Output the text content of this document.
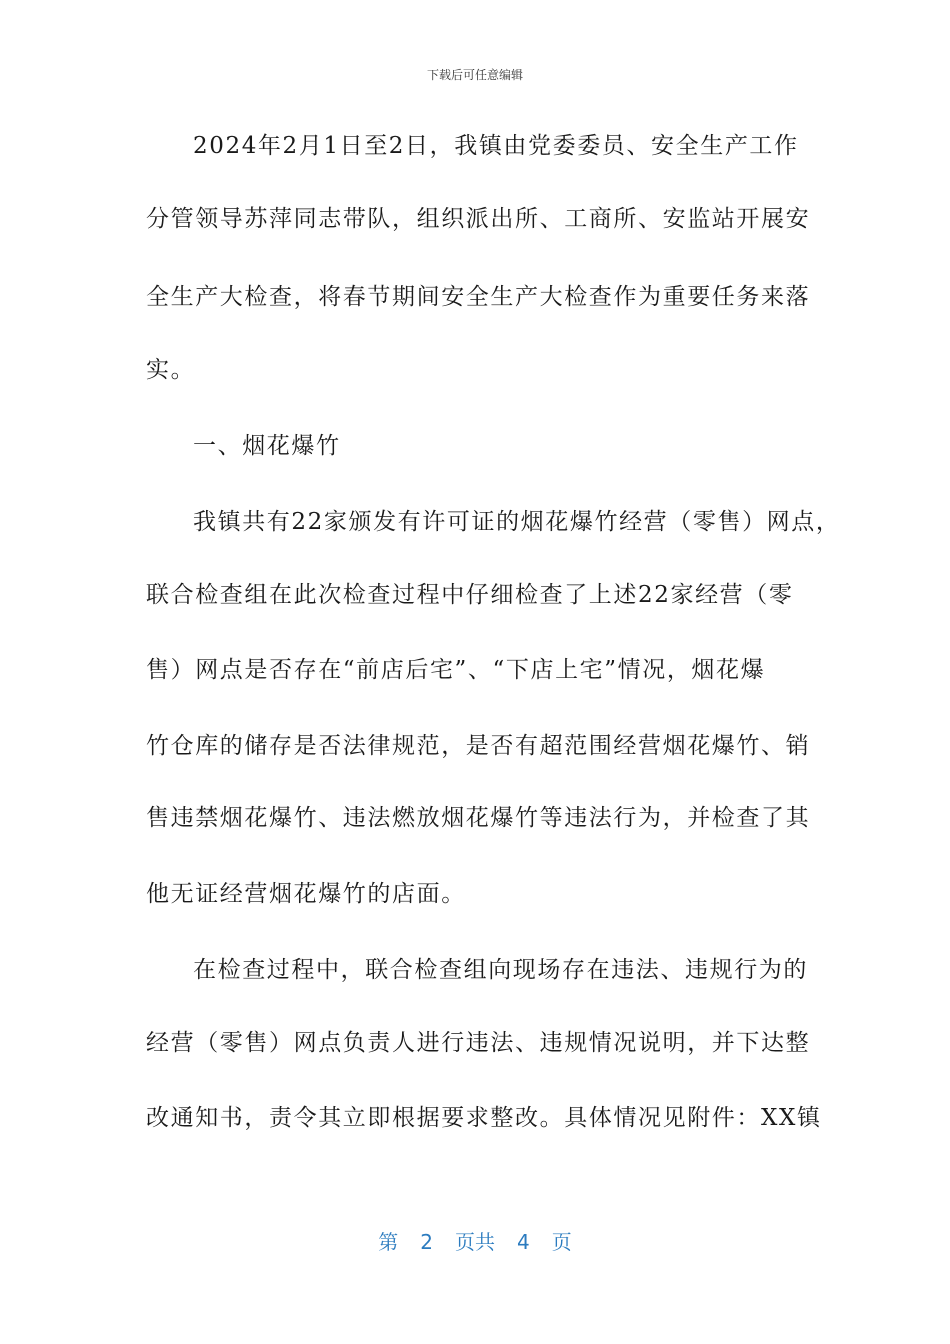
下载后可任意编辑
2024年2月1日至2日，我镇由党委委员、安全生产工作
分管领导苏萍同志带队，组织派出所、工商所、安监站开展安
全生产大检查，将春节期间安全生产大检查作为重要任务来落
实。
一、烟花爆竹
我镇共有22家颁发有许可证的烟花爆竹经营（零售）网点，
联合检查组在此次检查过程中仔细检查了上述22家经营（零
售）网点是否存在“前店后宅”、“下店上宅”情况，烟花爆
竹仓库的储存是否法律规范，是否有超范围经营烟花爆竹、销
售违禁烟花爆竹、违法燃放烟花爆竹等违法行为，并检查了其
他无证经营烟花爆竹的店面。
在检查过程中，联合检查组向现场存在违法、违规行为的
经营（零售）网点负责人进行违法、违规情况说明，并下达整
改通知书，责令其立即根据要求整改。具体情况见附件：XX镇
第 2 页共 4 页
